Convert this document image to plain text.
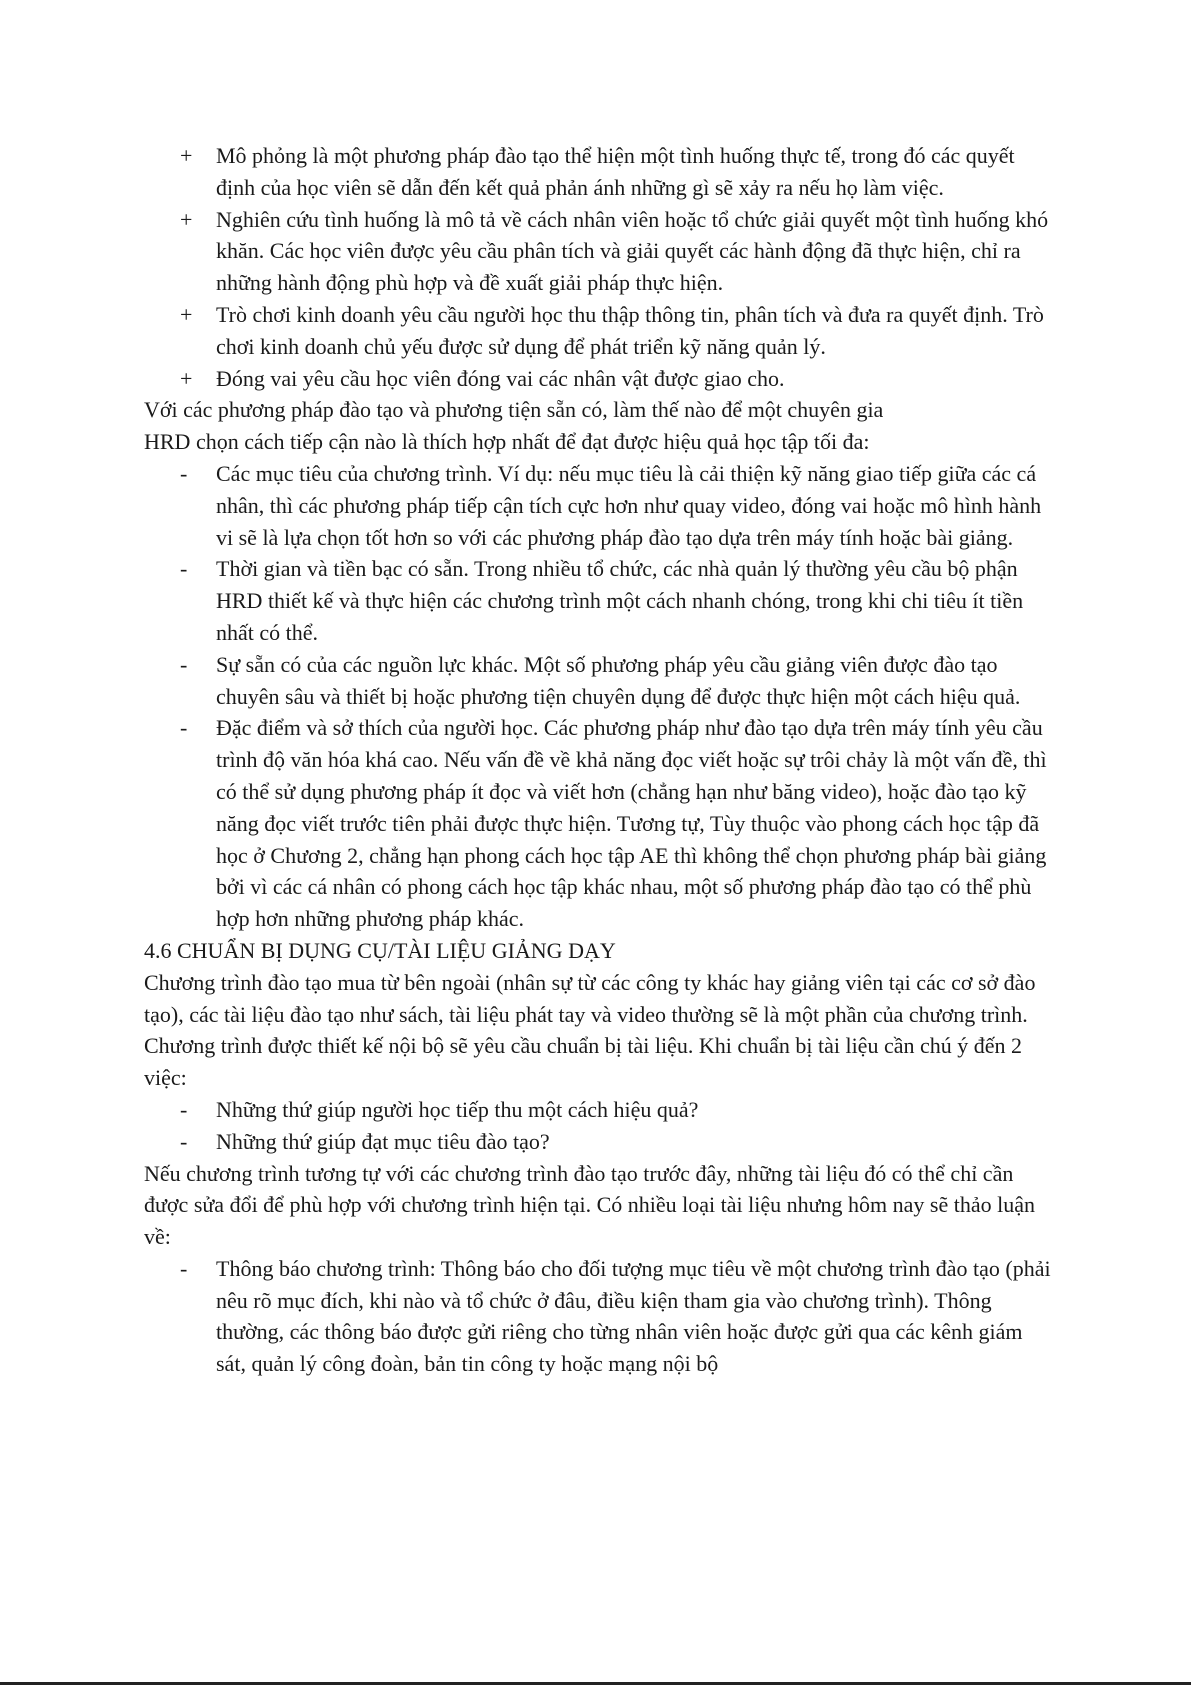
+ Mô phỏng là một phương pháp đào tạo thể hiện một tình huống thực tế, trong đó các quyết định của học viên sẽ dẫn đến kết quả phản ánh những gì sẽ xảy ra nếu họ làm việc.
+ Nghiên cứu tình huống là mô tả về cách nhân viên hoặc tổ chức giải quyết một tình huống khó khăn. Các học viên được yêu cầu phân tích và giải quyết các hành động đã thực hiện, chỉ ra những hành động phù hợp và đề xuất giải pháp thực hiện.
+ Trò chơi kinh doanh yêu cầu người học thu thập thông tin, phân tích và đưa ra quyết định. Trò chơi kinh doanh chủ yếu được sử dụng để phát triển kỹ năng quản lý.
+ Đóng vai yêu cầu học viên đóng vai các nhân vật được giao cho.
Với các phương pháp đào tạo và phương tiện sẵn có, làm thế nào để một chuyên gia
HRD chọn cách tiếp cận nào là thích hợp nhất để đạt được hiệu quả học tập tối đa:
- Các mục tiêu của chương trình. Ví dụ: nếu mục tiêu là cải thiện kỹ năng giao tiếp giữa các cá nhân, thì các phương pháp tiếp cận tích cực hơn như quay video, đóng vai hoặc mô hình hành vi sẽ là lựa chọn tốt hơn so với các phương pháp đào tạo dựa trên máy tính hoặc bài giảng.
- Thời gian và tiền bạc có sẵn. Trong nhiều tổ chức, các nhà quản lý thường yêu cầu bộ phận HRD thiết kế và thực hiện các chương trình một cách nhanh chóng, trong khi chi tiêu ít tiền nhất có thể.
- Sự sẵn có của các nguồn lực khác. Một số phương pháp yêu cầu giảng viên được đào tạo chuyên sâu và thiết bị hoặc phương tiện chuyên dụng để được thực hiện một cách hiệu quả.
- Đặc điểm và sở thích của người học. Các phương pháp như đào tạo dựa trên máy tính yêu cầu trình độ văn hóa khá cao. Nếu vấn đề về khả năng đọc viết hoặc sự trôi chảy là một vấn đề, thì có thể sử dụng phương pháp ít đọc và viết hơn (chẳng hạn như băng video), hoặc đào tạo kỹ năng đọc viết trước tiên phải được thực hiện. Tương tự, Tùy thuộc vào phong cách học tập đã học ở Chương 2, chẳng hạn phong cách học tập AE thì không thể chọn phương pháp bài giảng bởi vì các cá nhân có phong cách học tập khác nhau, một số phương pháp đào tạo có thể phù hợp hơn những phương pháp khác.
4.6 CHUẨN BỊ DỤNG CỤ/TÀI LIỆU GIẢNG DẠY
Chương trình đào tạo mua từ bên ngoài (nhân sự từ các công ty khác hay giảng viên tại các cơ sở đào tạo), các tài liệu đào tạo như sách, tài liệu phát tay và video thường sẽ là một phần của chương trình.
Chương trình được thiết kế nội bộ sẽ yêu cầu chuẩn bị tài liệu. Khi chuẩn bị tài liệu cần chú ý đến 2 việc:
- Những thứ giúp người học tiếp thu một cách hiệu quả?
- Những thứ giúp đạt mục tiêu đào tạo?
Nếu chương trình tương tự với các chương trình đào tạo trước đây, những tài liệu đó có thể chỉ cần được sửa đổi để phù hợp với chương trình hiện tại. Có nhiều loại tài liệu nhưng hôm nay sẽ thảo luận về:
- Thông báo chương trình: Thông báo cho đối tượng mục tiêu về một chương trình đào tạo (phải nêu rõ mục đích, khi nào và tổ chức ở đâu, điều kiện tham gia vào chương trình). Thông thường, các thông báo được gửi riêng cho từng nhân viên hoặc được gửi qua các kênh giám sát, quản lý công đoàn, bản tin công ty hoặc mạng nội bộ
